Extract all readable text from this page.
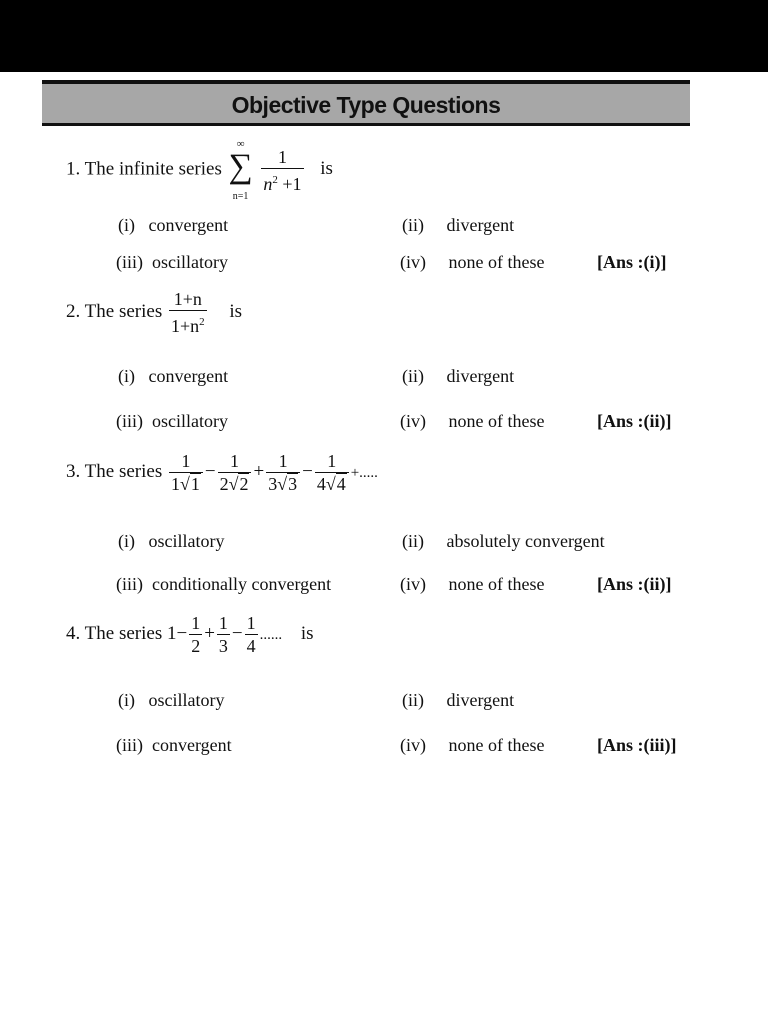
Objective Type Questions
1. The infinite series
∞
∑
n=1

$\frac{1}{n^2 +1}$ is
(i) convergent	(ii) divergent
(iii) oscillatory	(iv) none of these	[Ans :(i)]
2. The series $\frac{1+n}{1+n^2}$ is
(i) convergent	(ii) divergent
(iii) oscillatory	(iv) none of these	[Ans :(ii)]
3. The series $\frac{1}{1√1} - \frac{1}{2√2} + \frac{1}{3√3} - \frac{1}{4√4}$ +.....
(i) oscillatory	(ii) absolutely convergent
(iii) conditionally convergent	(iv) none of these	[Ans :(ii)]
4. The series $1- \frac{1}{2} + \frac{1}{3} - \frac{1}{4}$ ...... is
(i) oscillatory	(ii) divergent
(iii) convergent	(iv) none of these	[Ans :(iii)]
